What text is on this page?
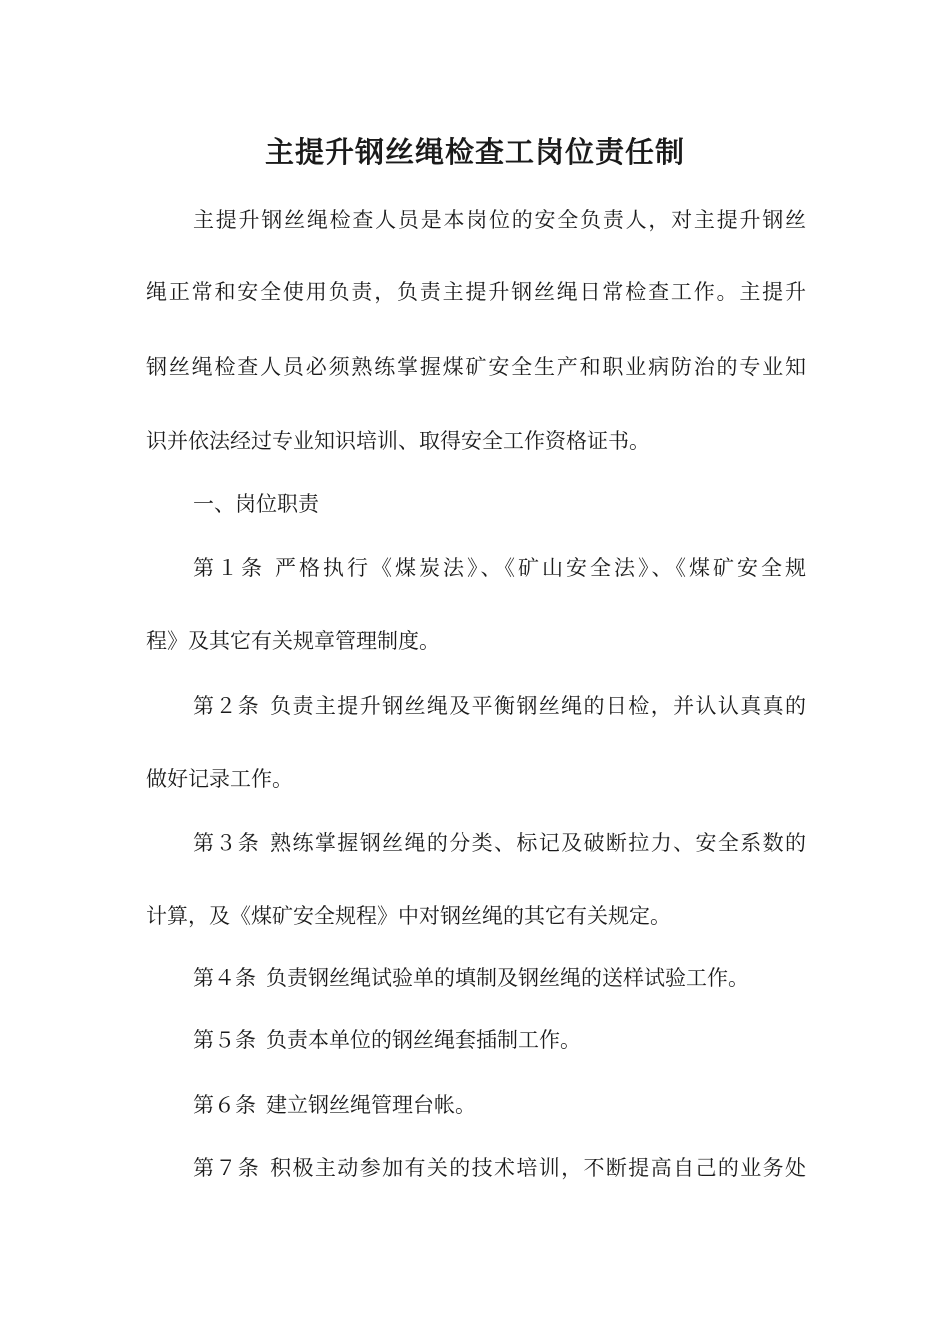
主提升钢丝绳检查工岗位责任制
主提升钢丝绳检查人员是本岗位的安全负责人，对主提升钢丝
绳正常和安全使用负责，负责主提升钢丝绳日常检查工作。主提升
钢丝绳检查人员必须熟练掌握煤矿安全生产和职业病防治的专业知
识并依法经过专业知识培训、取得安全工作资格证书。
一、岗位职责
第１条 严格执行《煤炭法》、《矿山安全法》、《煤矿安全规
程》及其它有关规章管理制度。
第２条 负责主提升钢丝绳及平衡钢丝绳的日检，并认认真真的
做好记录工作。
第３条 熟练掌握钢丝绳的分类、标记及破断拉力、安全系数的
计算，及《煤矿安全规程》中对钢丝绳的其它有关规定。
第４条 负责钢丝绳试验单的填制及钢丝绳的送样试验工作。
第５条 负责本单位的钢丝绳套插制工作。
第６条 建立钢丝绳管理台帐。
第７条 积极主动参加有关的技术培训，不断提高自己的业务处
